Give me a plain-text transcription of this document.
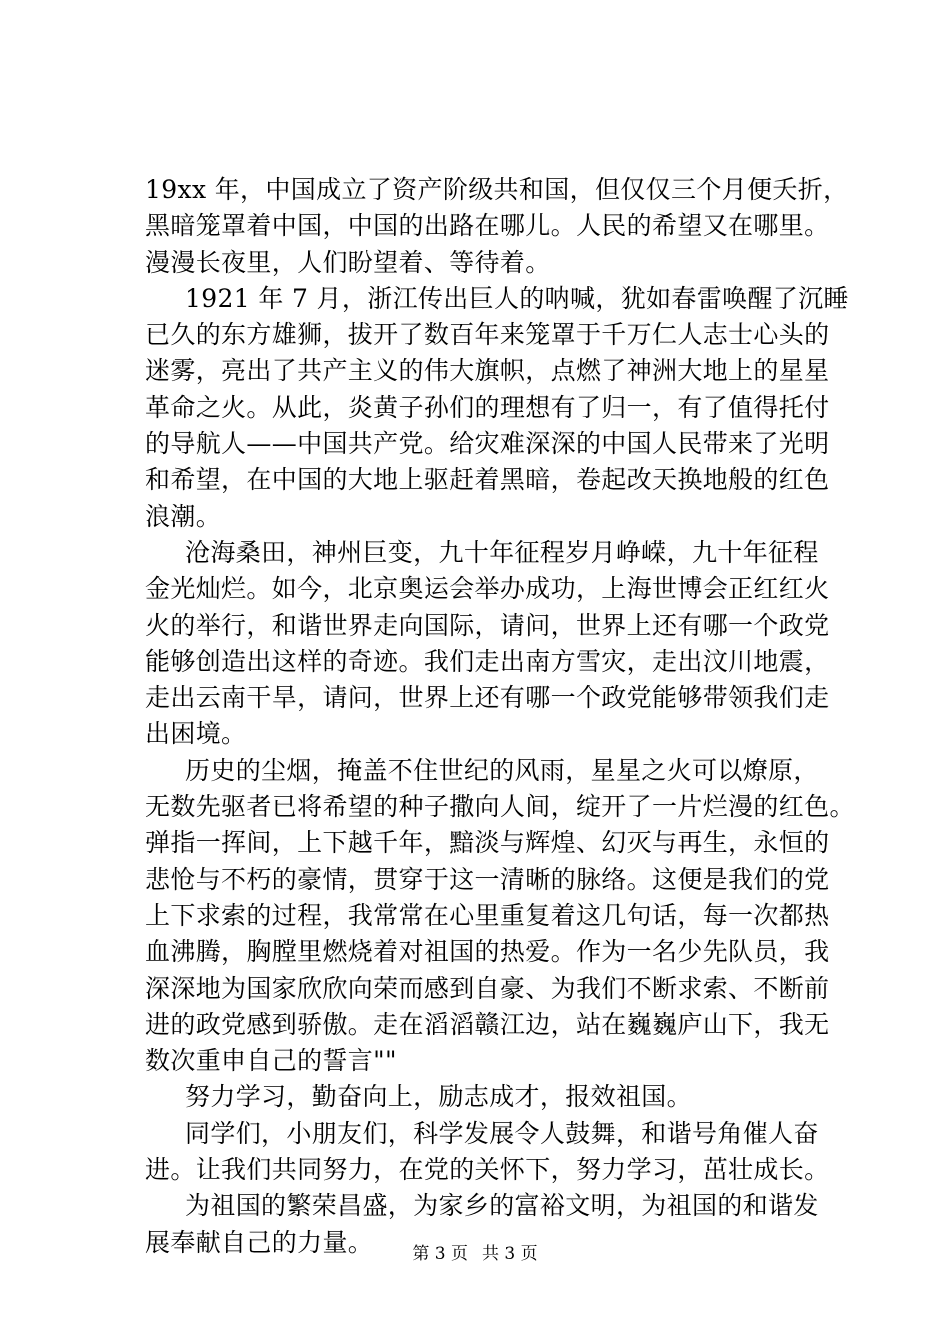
19xx 年，中国成立了资产阶级共和国，但仅仅三个月便夭折，
黑暗笼罩着中国，中国的出路在哪儿。人民的希望又在哪里。
漫漫长夜里，人们盼望着、等待着。
1921 年 7 月，浙江传出巨人的呐喊，犹如春雷唤醒了沉睡
已久的东方雄狮，拔开了数百年来笼罩于千万仁人志士心头的
迷雾，亮出了共产主义的伟大旗帜，点燃了神洲大地上的星星
革命之火。从此，炎黄子孙们的理想有了归一，有了值得托付
的导航人——中国共产党。给灾难深深的中国人民带来了光明
和希望，在中国的大地上驱赶着黑暗，卷起改天换地般的红色
浪潮。
沧海桑田，神州巨变，九十年征程岁月峥嵘，九十年征程
金光灿烂。如今，北京奥运会举办成功，上海世博会正红红火
火的举行，和谐世界走向国际，请问，世界上还有哪一个政党
能够创造出这样的奇迹。我们走出南方雪灾，走出汶川地震，
走出云南干旱，请问，世界上还有哪一个政党能够带领我们走
出困境。
历史的尘烟，掩盖不住世纪的风雨，星星之火可以燎原，
无数先驱者已将希望的种子撒向人间，绽开了一片烂漫的红色。
弹指一挥间，上下越千年，黯淡与辉煌、幻灭与再生，永恒的
悲怆与不朽的豪情，贯穿于这一清晰的脉络。这便是我们的党
上下求索的过程，我常常在心里重复着这几句话，每一次都热
血沸腾，胸膛里燃烧着对祖国的热爱。作为一名少先队员，我
深深地为国家欣欣向荣而感到自豪、为我们不断求索、不断前
进的政党感到骄傲。走在滔滔赣江边，站在巍巍庐山下，我无
数次重申自己的誓言""
努力学习，勤奋向上，励志成才，报效祖国。
同学们，小朋友们，科学发展令人鼓舞，和谐号角催人奋
进。让我们共同努力，在党的关怀下，努力学习，茁壮成长。
为祖国的繁荣昌盛，为家乡的富裕文明，为祖国的和谐发
展奉献自己的力量。	第 3 页 共 3 页
